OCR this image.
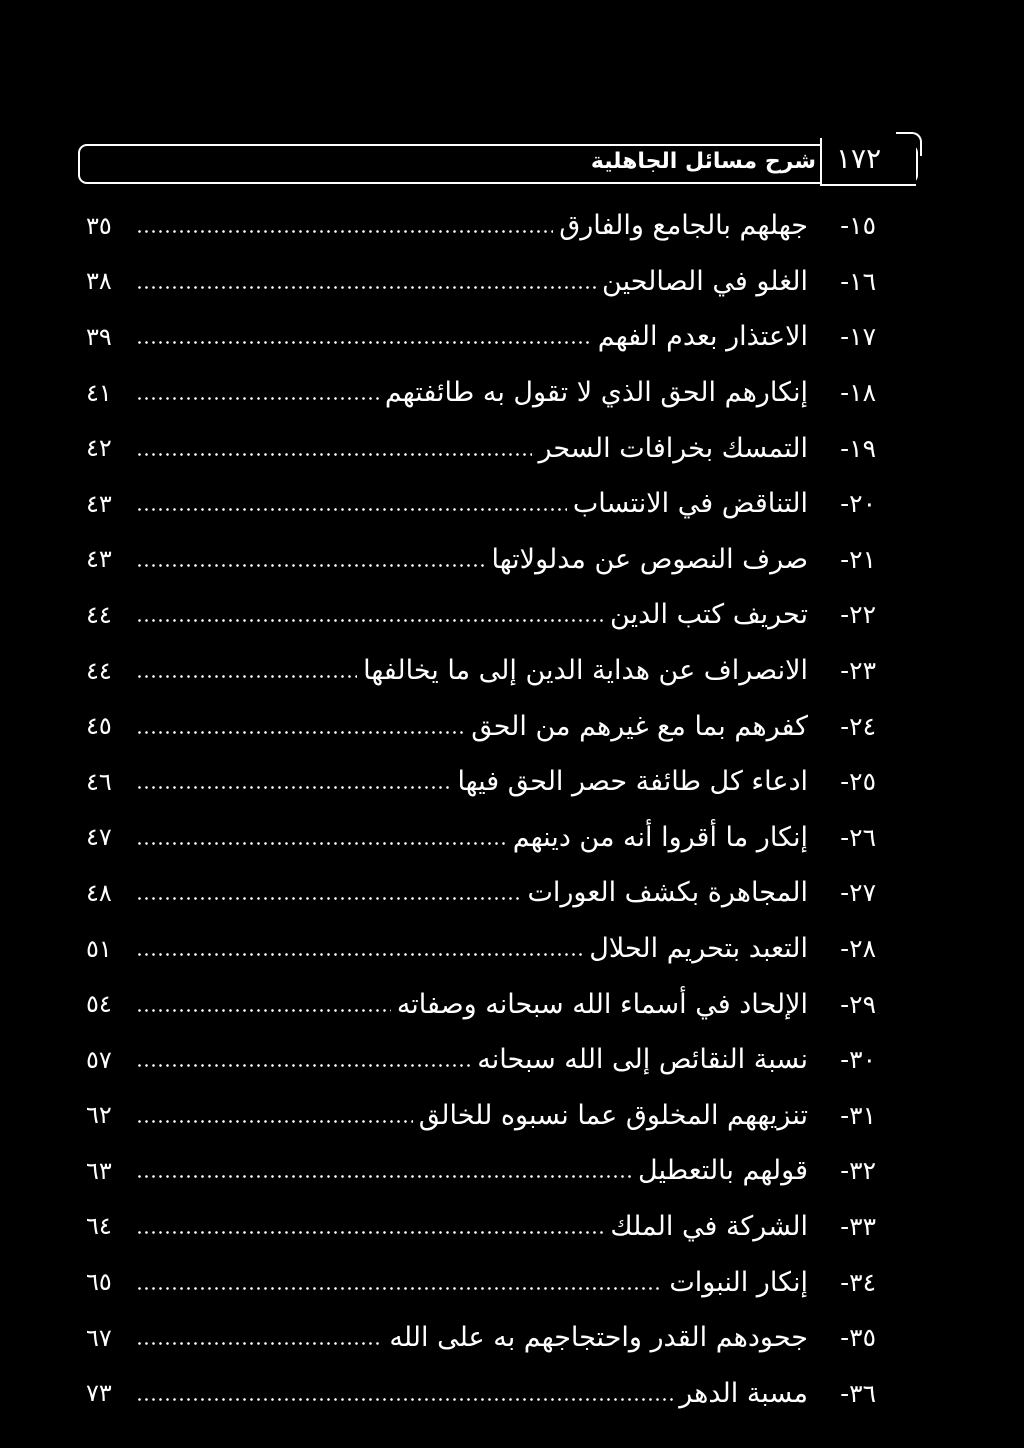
شرح مسائل الجاهلية ١٧٢
٣٥	جهلهم بالجامع والفارق	١٥-
٣٨	الغلو في الصالحين	١٦-
٣٩	الاعتذار بعدم الفهم	١٧-
٤١	إنكارهم الحق الذي لا تقول به طائفتهم	١٨-
٤٢	التمسك بخرافات السحر	١٩-
٤٣	التناقض في الانتساب	٢٠-
٤٣	صرف النصوص عن مدلولاتها	٢١-
٤٤	تحريف كتب الدين	٢٢-
٤٤	الانصراف عن هداية الدين إلى ما يخالفها	٢٣-
٤٥	كفرهم بما مع غيرهم من الحق	٢٤-
٤٦	ادعاء كل طائفة حصر الحق فيها	٢٥-
٤٧	إنكار ما أقروا أنه من دينهم	٢٦-
٤٨	المجاهرة بكشف العورات	٢٧-
٥١	التعبد بتحريم الحلال	٢٨-
٥٤	الإلحاد في أسماء الله سبحانه وصفاته	٢٩-
٥٧	نسبة النقائص إلى الله سبحانه	٣٠-
٦٢	تنزيههم المخلوق عما نسبوه للخالق	٣١-
٦٣	قولهم بالتعطيل	٣٢-
٦٤	الشركة في الملك	٣٣-
٦٥	إنكار النبوات	٣٤-
٦٧	جحودهم القدر واحتجاجهم به على الله	٣٥-
٧٣	مسبة الدهر	٣٦-
